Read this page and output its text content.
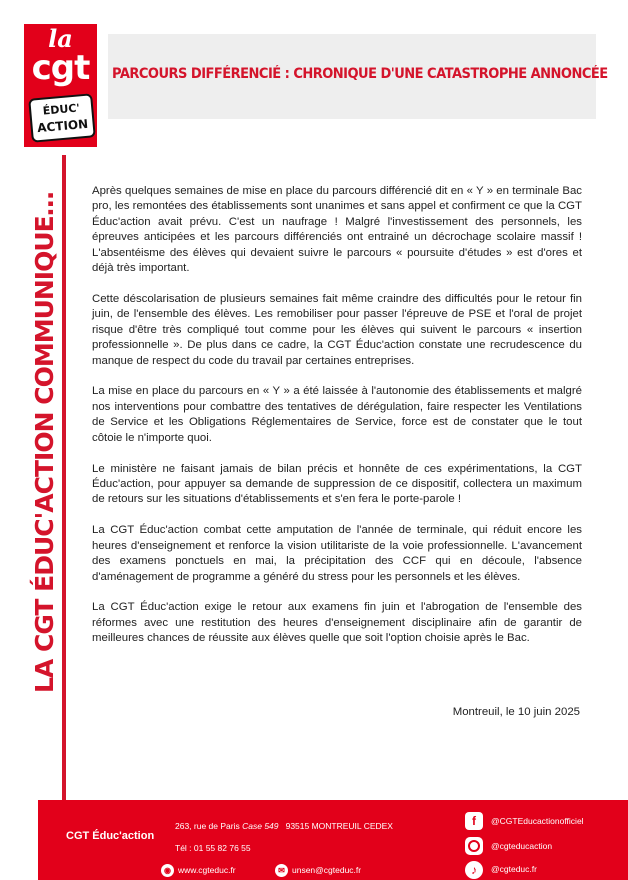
la
cgt
ÉDUC'
ACTION
PARCOURS DIFFÉRENCIÉ : CHRONIQUE D'UNE CATASTROPHE ANNONCÉE
LA CGT ÉDUC'ACTION COMMUNIQUE…

Après quelques semaines de mise en place du parcours différencié dit en « Y » en terminale Bac pro, les remontées des établissements sont unanimes et sans appel et confirment ce que la CGT Éduc'action avait prévu. C'est un naufrage ! Malgré l'investissement des personnels, les épreuves anticipées et les parcours différenciés ont entrainé un décrochage scolaire massif ! L'absentéisme des élèves qui devaient suivre le parcours « poursuite d'études » est d'ores et déjà très important.

Cette déscolarisation de plusieurs semaines fait même craindre des difficultés pour le retour fin juin, de l'ensemble des élèves. Les remobiliser pour passer l'épreuve de PSE et l'oral de projet risque d'être très compliqué tout comme pour les élèves qui suivent le parcours « insertion professionnelle ». De plus dans ce cadre, la CGT Éduc'action constate une recrudescence du manque de respect du code du travail par certaines entreprises.

La mise en place du parcours en « Y » a été laissée à l'autonomie des établissements et malgré nos interventions pour combattre des tentatives de dérégulation, faire respecter les Ventilations de Service et les Obligations Réglementaires de Service, force est de constater que le tout côtoie le n'importe quoi.

Le ministère ne faisant jamais de bilan précis et honnête de ces expérimentations, la CGT Éduc'action, pour appuyer sa demande de suppression de ce dispositif, collectera un maximum de retours sur les situations d'établissements et s'en fera le porte-parole !

La CGT Éduc'action combat cette amputation de l'année de terminale, qui réduit encore les heures d'enseignement et renforce la vision utilitariste de la voie professionnelle. L'avancement des examens ponctuels en mai, la précipitation des CCF qui en découle, l'absence d'aménagement de programme a généré du stress pour les personnels et les élèves.

La CGT Éduc'action exige le retour aux examens fin juin et l'abrogation de l'ensemble des réformes avec une restitution des heures d'enseignement disciplinaire afin de garantir de meilleures chances de réussite aux élèves quelle que soit l'option choisie après le Bac.

Montreuil, le 10 juin 2025
CGT Éduc'action
263, rue de Paris Case 549 93515 MONTREUIL CEDEX
Tél : 01 55 82 76 55
◉ www.cgteduc.fr	✉ unsen@cgteduc.fr
f	@CGTEducactionofficiel
@cgteducaction
♪	@cgteduc.fr
